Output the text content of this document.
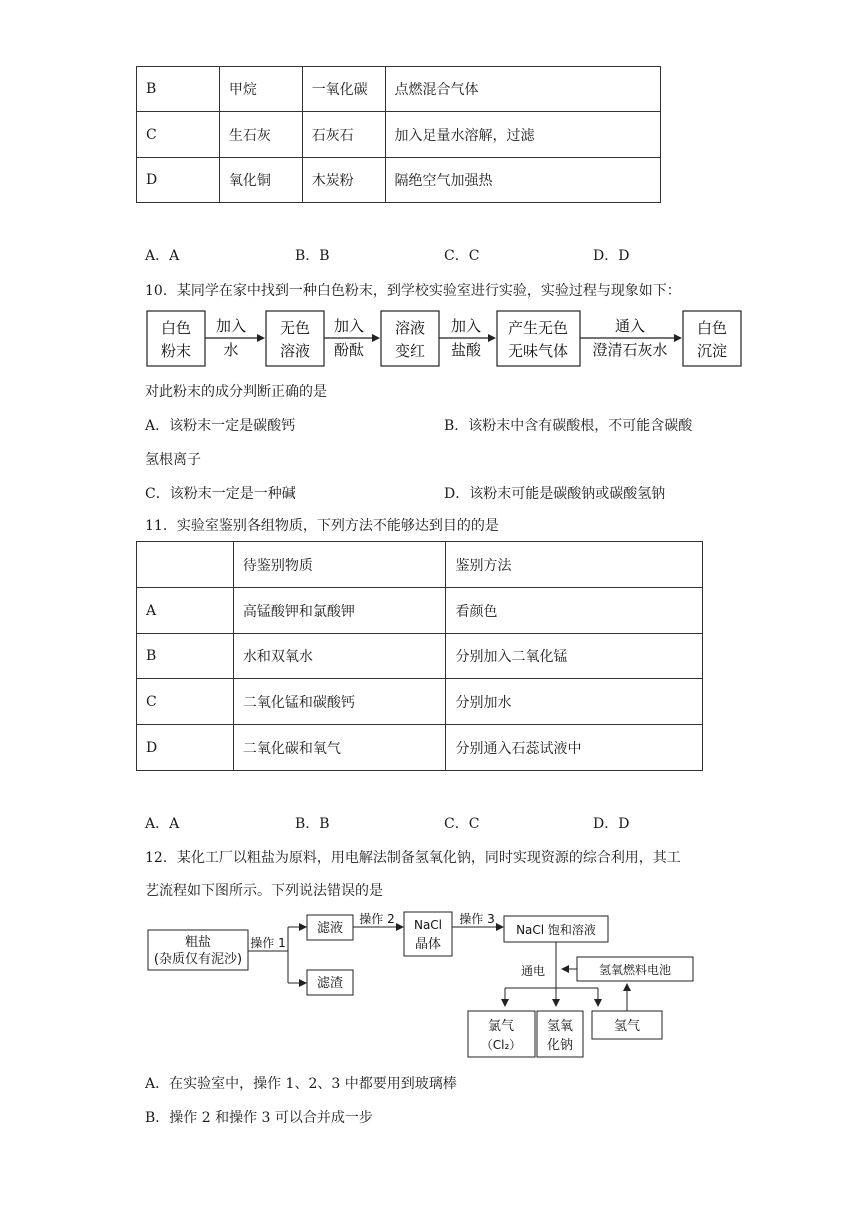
B	甲烷	一氧化碳	点燃混合气体
C	生石灰	石灰石	加入足量水溶解，过滤
D	氧化铜	木炭粉	隔绝空气加强热
A．A	B．B	C．C	D．D
10．某同学在家中找到一种白色粉末，到学校实验室进行实验，实验过程与现象如下：
白色
粉末
加入
水
无色
溶液
加入
酚酞
溶液
变红
加入
盐酸
产生无色
无味气体
通入
澄清石灰水
白色
沉淀
对此粉末的成分判断正确的是
A．该粉末一定是碳酸钙	B．该粉末中含有碳酸根，不可能含碳酸
氢根离子
C．该粉末一定是一种碱	D．该粉末可能是碳酸钠或碳酸氢钠
11．实验室鉴别各组物质，下列方法不能够达到目的的是
	待鉴别物质	鉴别方法
A	高锰酸钾和氯酸钾	看颜色
B	水和双氧水	分别加入二氧化锰
C	二氧化锰和碳酸钙	分别加水
D	二氧化碳和氧气	分别通入石蕊试液中
A．A	B．B	C．C	D．D
12．某化工厂以粗盐为原料，用电解法制备氢氧化钠，同时实现资源的综合利用，其工
艺流程如下图所示。下列说法错误的是
粗盐
(杂质仅有泥沙)
操作 1
滤液
滤渣
操作 2 NaCl
晶体
操作 3
NaCl 饱和溶液
通电	氢氧燃料电池
氯气
（Cl₂）
氢氧
化钠
氢气
A．在实验室中，操作 1、2、3 中都要用到玻璃棒
B．操作 2 和操作 3 可以合并成一步
